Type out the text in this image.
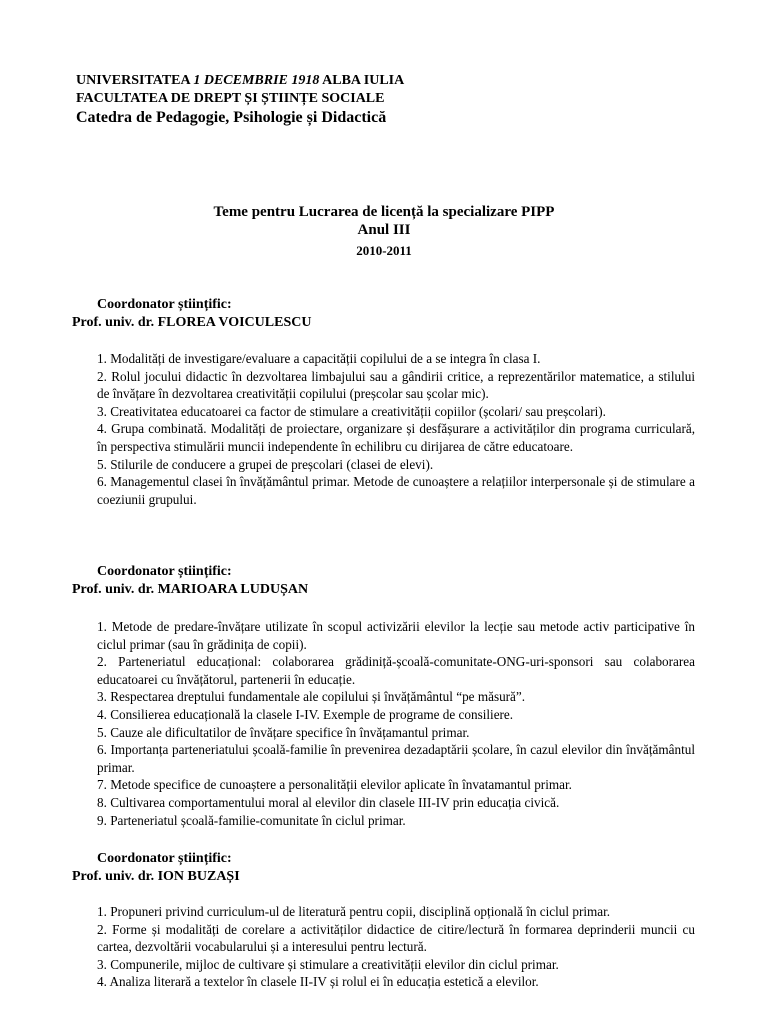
UNIVERSITATEA 1 DECEMBRIE 1918 ALBA IULIA
FACULTATEA DE DREPT ȘI ȘTIINȚE SOCIALE
Catedra de Pedagogie, Psihologie și Didactică
Teme pentru Lucrarea de licență la specializare PIPP
Anul III
2010-2011
Coordonator științific:
Prof. univ. dr. FLOREA VOICULESCU
1. Modalități de investigare/evaluare a capacității copilului de a se integra în clasa I.
2. Rolul jocului didactic în dezvoltarea limbajului sau a gândirii critice, a reprezentărilor matematice, a stilului de învățare în dezvoltarea creativității copilului (preșcolar sau școlar mic).
3. Creativitatea educatoarei ca factor de stimulare a creativității copiilor (școlari/ sau preșcolari).
4. Grupa combinată. Modalități de proiectare, organizare și desfășurare a activităților din programa curriculară, în perspectiva stimulării muncii independente în echilibru cu dirijarea de către educatoare.
5. Stilurile de conducere a grupei de preșcolari (clasei de elevi).
6. Managementul clasei în învățământul primar. Metode de cunoaștere a relațiilor interpersonale și de stimulare a coeziunii grupului.
Coordonator științific:
Prof. univ. dr. MARIOARA LUDUȘAN
1. Metode de predare-învățare utilizate în scopul activizării elevilor la lecție sau metode activ participative în ciclul primar (sau în grădinița de copii).
2. Parteneriatul educațional: colaborarea grădiniță-școală-comunitate-ONG-uri-sponsori sau colaborarea educatoarei cu învățătorul, partenerii în educație.
3. Respectarea dreptului fundamentale ale copilului și învățământul “pe măsură”.
4. Consilierea educațională la clasele I-IV. Exemple de programe de consiliere.
5. Cauze ale dificultatilor de învățare specifice în învățamantul primar.
6. Importanța parteneriatului școală-familie în prevenirea dezadaptării școlare, în cazul elevilor din învățământul primar.
7. Metode specifice de cunoaștere a personalității elevilor aplicate în învatamantul primar.
8. Cultivarea comportamentului moral al elevilor din clasele III-IV prin educația civică.
9. Parteneriatul școală-familie-comunitate în ciclul primar.
Coordonator științific:
Prof. univ. dr. ION BUZAȘI
1. Propuneri privind curriculum-ul de literatură pentru copii, disciplină opțională în ciclul primar.
2. Forme și modalități de corelare a activităților didactice de citire/lectură în formarea deprinderii muncii cu cartea, dezvoltării vocabularului și a interesului pentru lectură.
3. Compunerile, mijloc de cultivare și stimulare a creativității elevilor din ciclul primar.
4. Analiza literară a textelor în clasele II-IV și rolul ei în educația estetică a elevilor.
